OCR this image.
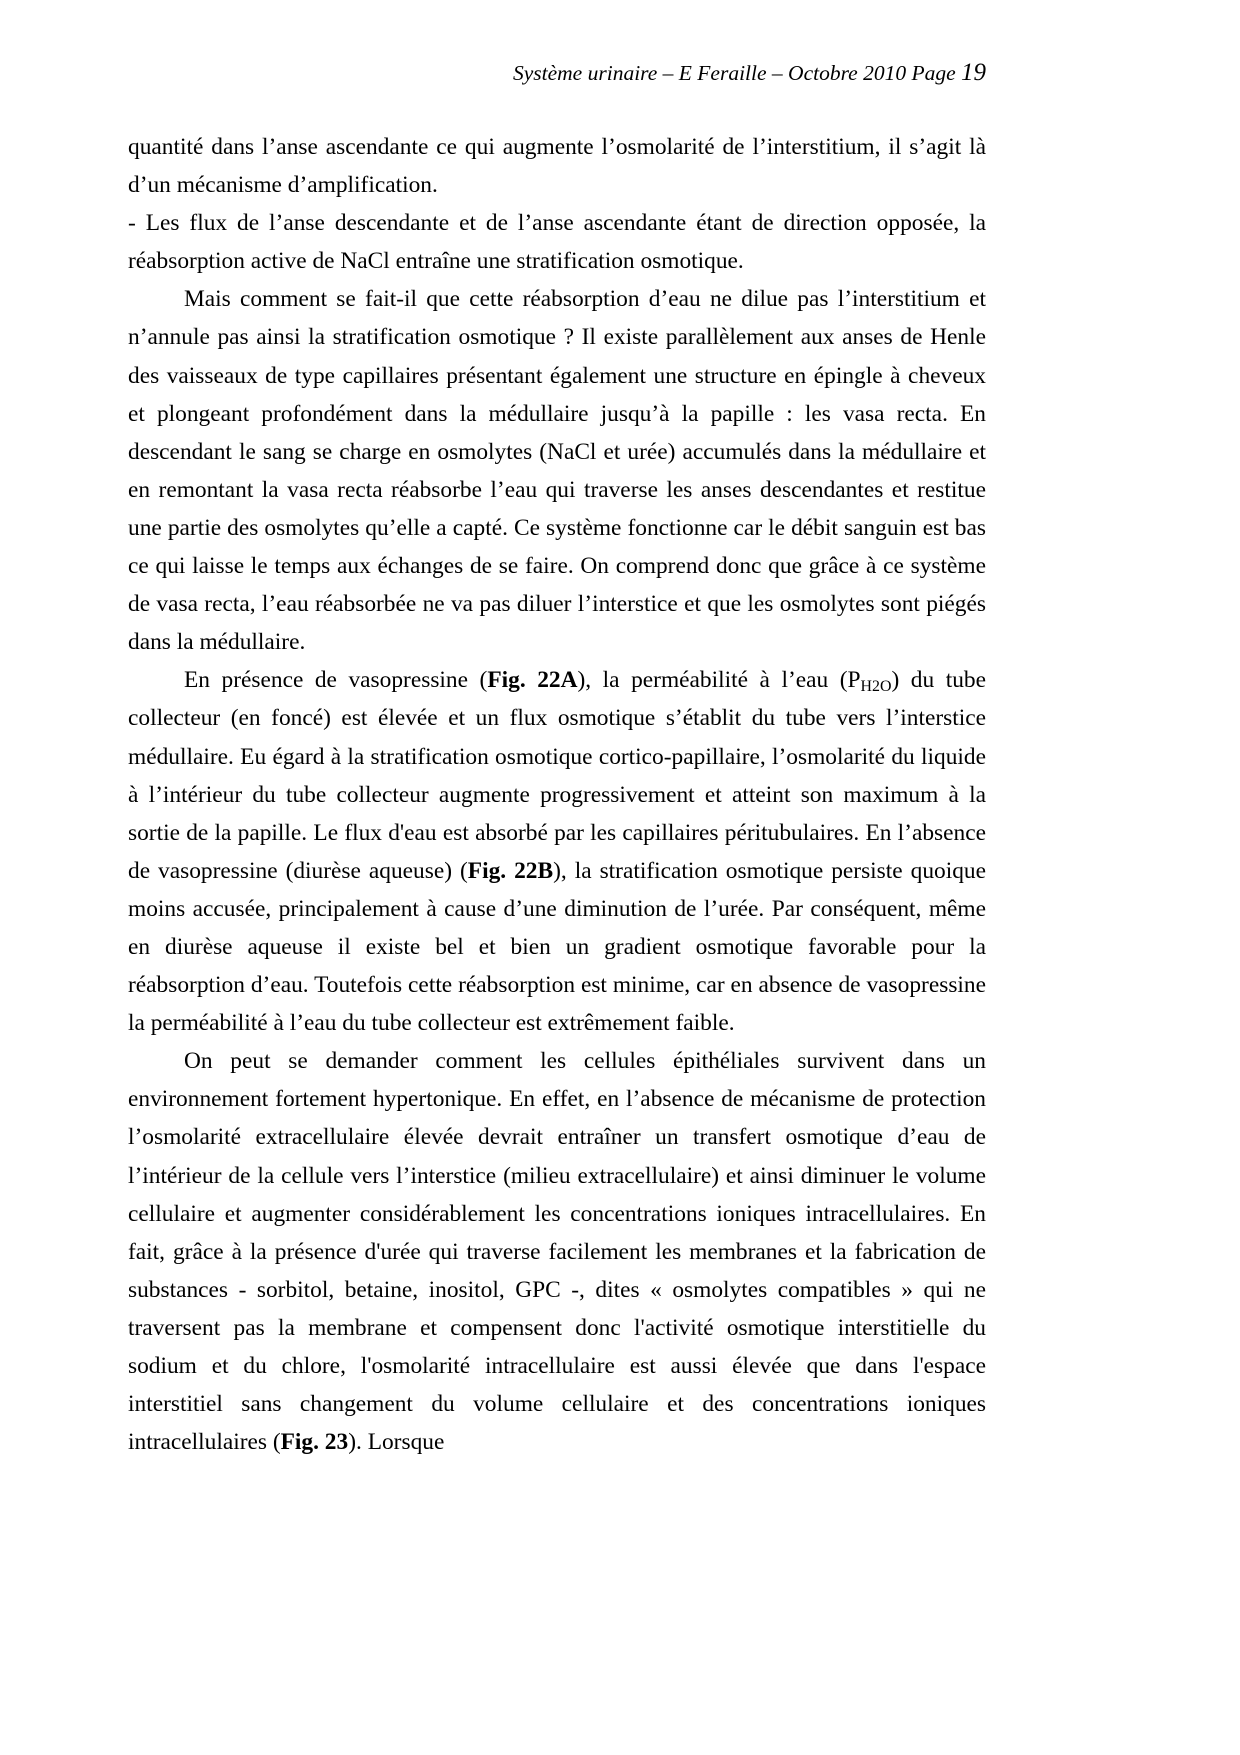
Système urinaire – E Feraille – Octobre 2010 Page 19

quantité dans l’anse ascendante ce qui augmente l’osmolarité de l’interstitium, il s’agit là d’un mécanisme d’amplification.

- Les flux de l’anse descendante et de l’anse ascendante étant de direction opposée, la réabsorption active de NaCl entraîne une stratification osmotique.

Mais comment se fait-il que cette réabsorption d’eau ne dilue pas l’interstitium et n’annule pas ainsi la stratification osmotique ? Il existe parallèlement aux anses de Henle des vaisseaux de type capillaires présentant également une structure en épingle à cheveux et plongeant profondément dans la médullaire jusqu’à la papille : les vasa recta. En descendant le sang se charge en osmolytes (NaCl et urée) accumulés dans la médullaire et en remontant la vasa recta réabsorbe l’eau qui traverse les anses descendantes et restitue une partie des osmolytes qu’elle a capté. Ce système fonctionne car le débit sanguin est bas ce qui laisse le temps aux échanges de se faire. On comprend donc que grâce à ce système de vasa recta, l’eau réabsorbée ne va pas diluer l’interstice et que les osmolytes sont piégés dans la médullaire.

En présence de vasopressine (Fig. 22A), la perméabilité à l’eau $(P_{H2O})$ du tube collecteur (en foncé) est élevée et un flux osmotique s’établit du tube vers l’interstice médullaire. Eu égard à la stratification osmotique cortico-papillaire, l’osmolarité du liquide à l’intérieur du tube collecteur augmente progressivement et atteint son maximum à la sortie de la papille. Le flux d'eau est absorbé par les capillaires péritubulaires. En l’absence de vasopressine (diurèse aqueuse) (Fig. 22B), la stratification osmotique persiste quoique moins accusée, principalement à cause d’une diminution de l’urée. Par conséquent, même en diurèse aqueuse il existe bel et bien un gradient osmotique favorable pour la réabsorption d’eau. Toutefois cette réabsorption est minime, car en absence de vasopressine la perméabilité à l’eau du tube collecteur est extrêmement faible.

On peut se demander comment les cellules épithéliales survivent dans un environnement fortement hypertonique. En effet, en l’absence de mécanisme de protection l’osmolarité extracellulaire élevée devrait entraîner un transfert osmotique d’eau de l’intérieur de la cellule vers l’interstice (milieu extracellulaire) et ainsi diminuer le volume cellulaire et augmenter considérablement les concentrations ioniques intracellulaires. En fait, grâce à la présence d'urée qui traverse facilement les membranes et la fabrication de substances - sorbitol, betaine, inositol, GPC -, dites « osmolytes compatibles » qui ne traversent pas la membrane et compensent donc l'activité osmotique interstitielle du sodium et du chlore, l'osmolarité intracellulaire est aussi élevée que dans l'espace interstitiel sans changement du volume cellulaire et des concentrations ioniques intracellulaires (Fig. 23). Lorsque
